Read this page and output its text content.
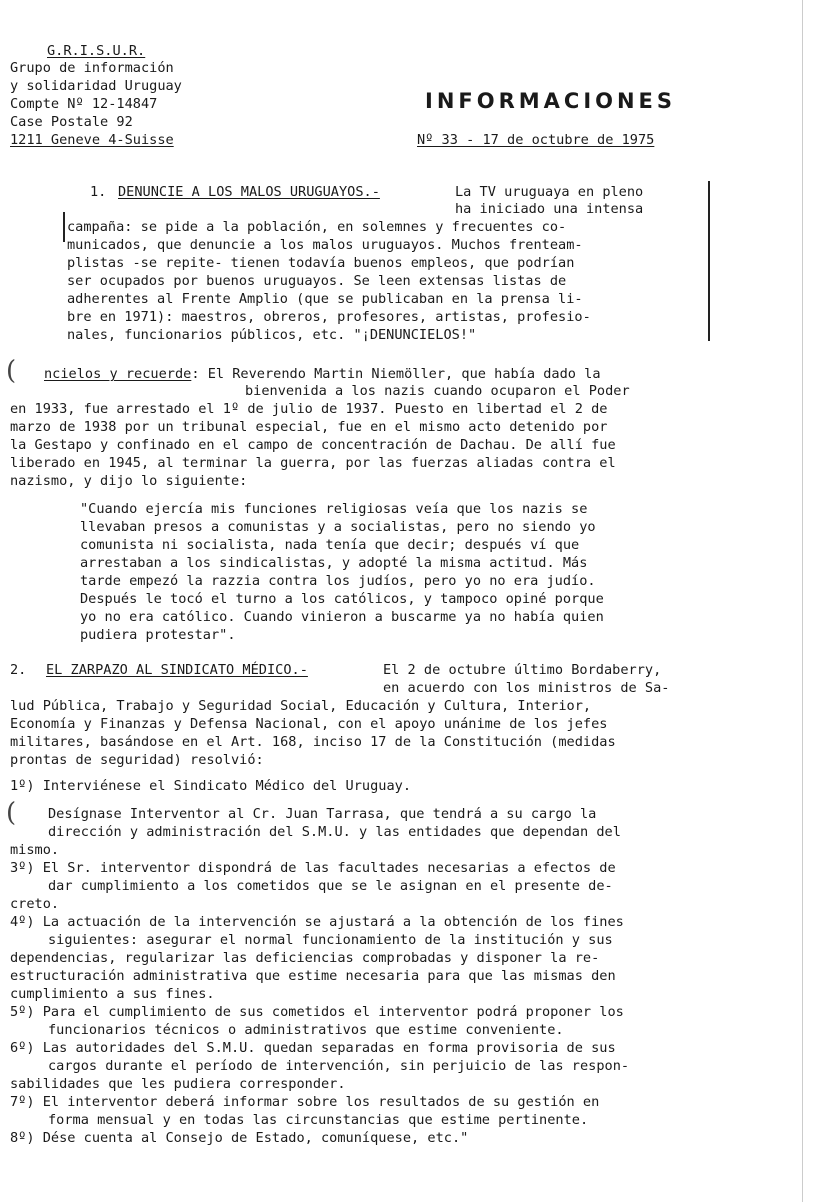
G.R.I.S.U.R.
Grupo de información
y solidaridad Uruguay
Compte Nº 12-14847
Case Postale 92
1211 Geneve 4-Suisse
INFORMACIONES
Nº 33 - 17 de octubre de 1975
1. DENUNCIE A LOS MALOS URUGUAYOS.-	La TV uruguaya en pleno
ha iniciado una intensa
campaña: se pide a la población, en solemnes y frecuentes co-
municados, que denuncie a los malos uruguayos. Muchos frenteam-
plistas -se repite- tienen todavía buenos empleos, que podrían
ser ocupados por buenos uruguayos. Se leen extensas listas de
adherentes al Frente Amplio (que se publicaban en la prensa li-
bre en 1971): maestros, obreros, profesores, artistas, profesio-
nales, funcionarios públicos, etc. "¡DENUNCIELOS!"
( ncielos y recuerde: El Reverendo Martin Niemöller, que había dado la
bienvenida a los nazis cuando ocuparon el Poder
en 1933, fue arrestado el 1º de julio de 1937. Puesto en libertad el 2 de
marzo de 1938 por un tribunal especial, fue en el mismo acto detenido por
la Gestapo y confinado en el campo de concentración de Dachau. De allí fue
liberado en 1945, al terminar la guerra, por las fuerzas aliadas contra el
nazismo, y dijo lo siguiente:
"Cuando ejercía mis funciones religiosas veía que los nazis se
llevaban presos a comunistas y a socialistas, pero no siendo yo
comunista ni socialista, nada tenía que decir; después ví que
arrestaban a los sindicalistas, y adopté la misma actitud. Más
tarde empezó la razzia contra los judíos, pero yo no era judío.
Después le tocó el turno a los católicos, y tampoco opiné porque
yo no era católico. Cuando vinieron a buscarme ya no había quien
pudiera protestar".
2. EL ZARPAZO AL SINDICATO MÉDICO.-	El 2 de octubre último Bordaberry,
en acuerdo con los ministros de Sa-
lud Pública, Trabajo y Seguridad Social, Educación y Cultura, Interior,
Economía y Finanzas y Defensa Nacional, con el apoyo unánime de los jefes
militares, basándose en el Art. 168, inciso 17 de la Constitución (medidas
prontas de seguridad) resolvió:
1º) Interviénese el Sindicato Médico del Uruguay.
( Desígnase Interventor al Cr. Juan Tarrasa, que tendrá a su cargo la
dirección y administración del S.M.U. y las entidades que dependan del
mismo.
3º) El Sr. interventor dispondrá de las facultades necesarias a efectos de
dar cumplimiento a los cometidos que se le asignan en el presente de-
creto.
4º) La actuación de la intervención se ajustará a la obtención de los fines
siguientes: asegurar el normal funcionamiento de la institución y sus
dependencias, regularizar las deficiencias comprobadas y disponer la re-
estructuración administrativa que estime necesaria para que las mismas den
cumplimiento a sus fines.
5º) Para el cumplimiento de sus cometidos el interventor podrá proponer los
funcionarios técnicos o administrativos que estime conveniente.
6º) Las autoridades del S.M.U. quedan separadas en forma provisoria de sus
cargos durante el período de intervención, sin perjuicio de las respon-
sabilidades que les pudiera corresponder.
7º) El interventor deberá informar sobre los resultados de su gestión en
forma mensual y en todas las circunstancias que estime pertinente.
8º) Dése cuenta al Consejo de Estado, comuníquese, etc."
